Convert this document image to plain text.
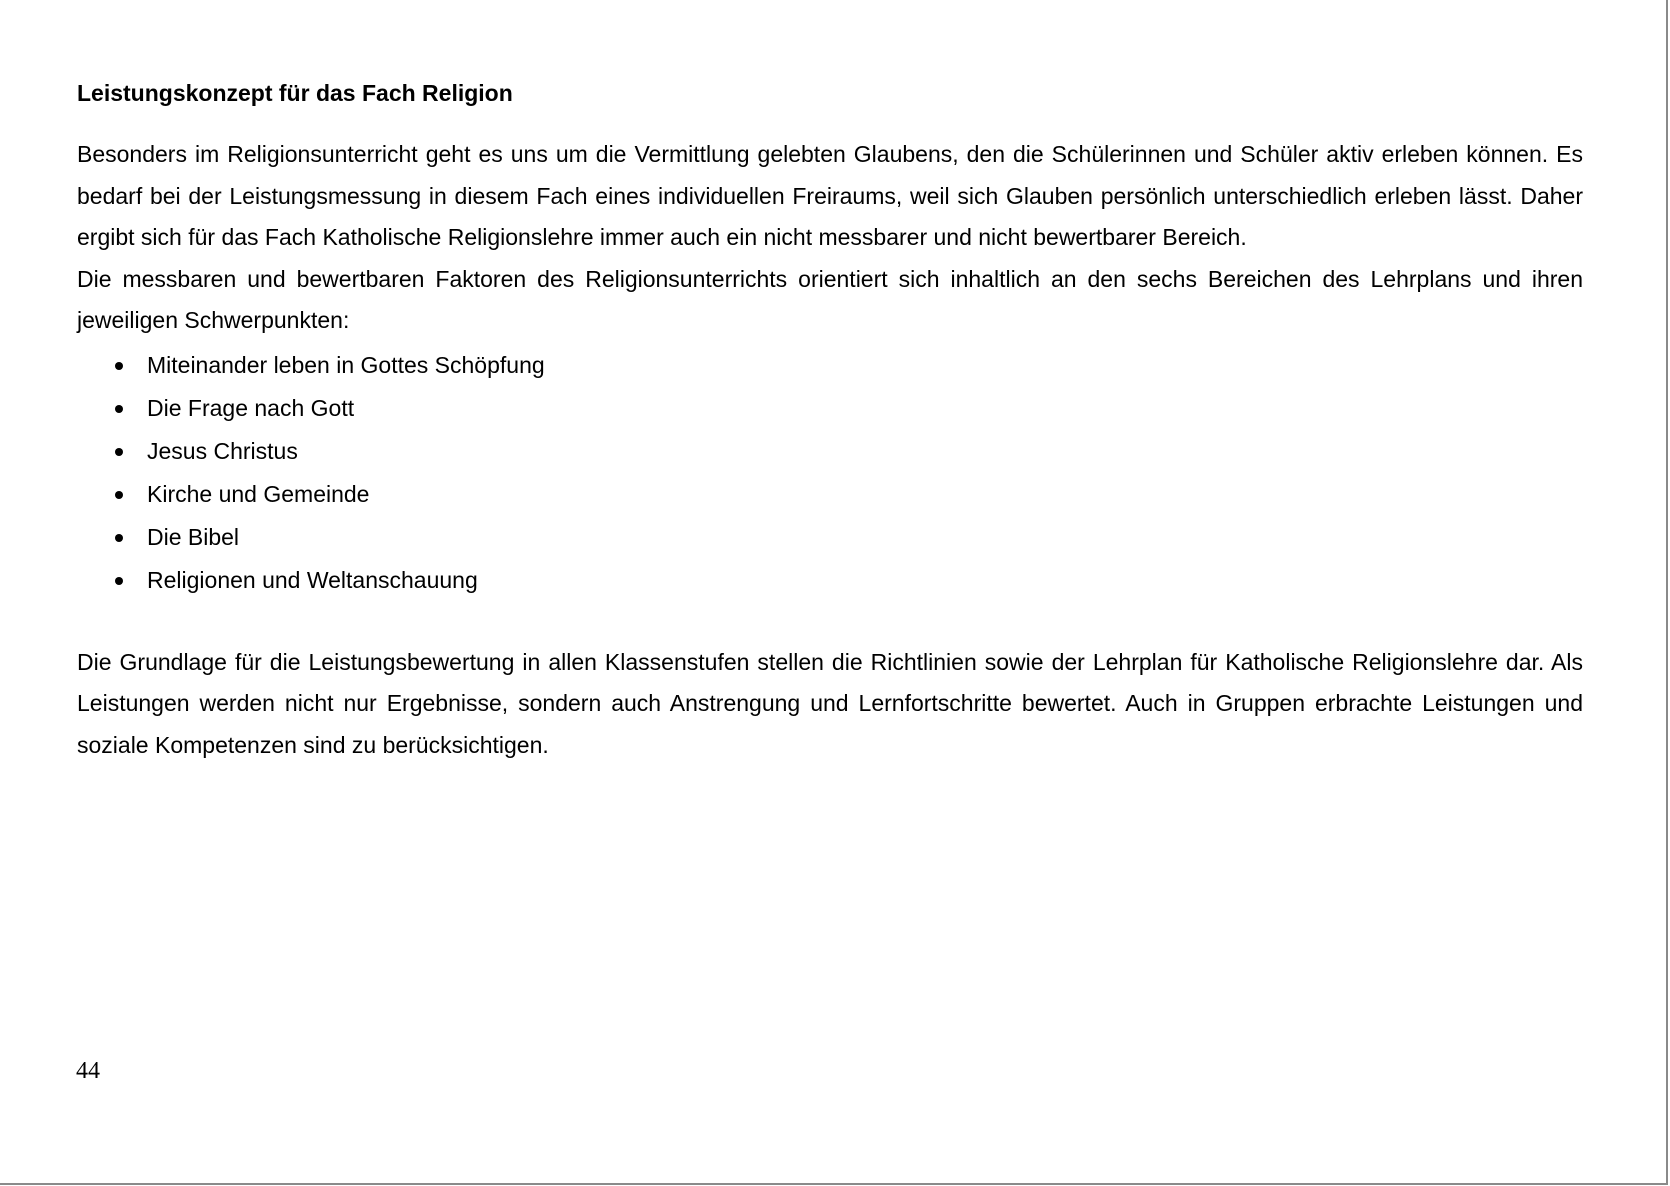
Leistungskonzept für das Fach Religion

Besonders im Religionsunterricht geht es uns um die Vermittlung gelebten Glaubens, den die Schülerinnen und Schüler aktiv erleben können. Es bedarf bei der Leistungsmessung in diesem Fach eines individuellen Freiraums, weil sich Glauben persönlich unterschiedlich erleben lässt. Daher ergibt sich für das Fach Katholische Religionslehre immer auch ein nicht messbarer und nicht bewertbarer Bereich.

Die messbaren und bewertbaren Faktoren des Religionsunterrichts orientiert sich inhaltlich an den sechs Bereichen des Lehrplans und ihren jeweiligen Schwerpunkten:

Miteinander leben in Gottes Schöpfung
Die Frage nach Gott
Jesus Christus
Kirche und Gemeinde
Die Bibel
Religionen und Weltanschauung

Die Grundlage für die Leistungsbewertung in allen Klassenstufen stellen die Richtlinien sowie der Lehrplan für Katholische Religionslehre dar. Als Leistungen werden nicht nur Ergebnisse, sondern auch Anstrengung und Lernfortschritte bewertet. Auch in Gruppen erbrachte Leistungen und soziale Kompetenzen sind zu berücksichtigen.

44
